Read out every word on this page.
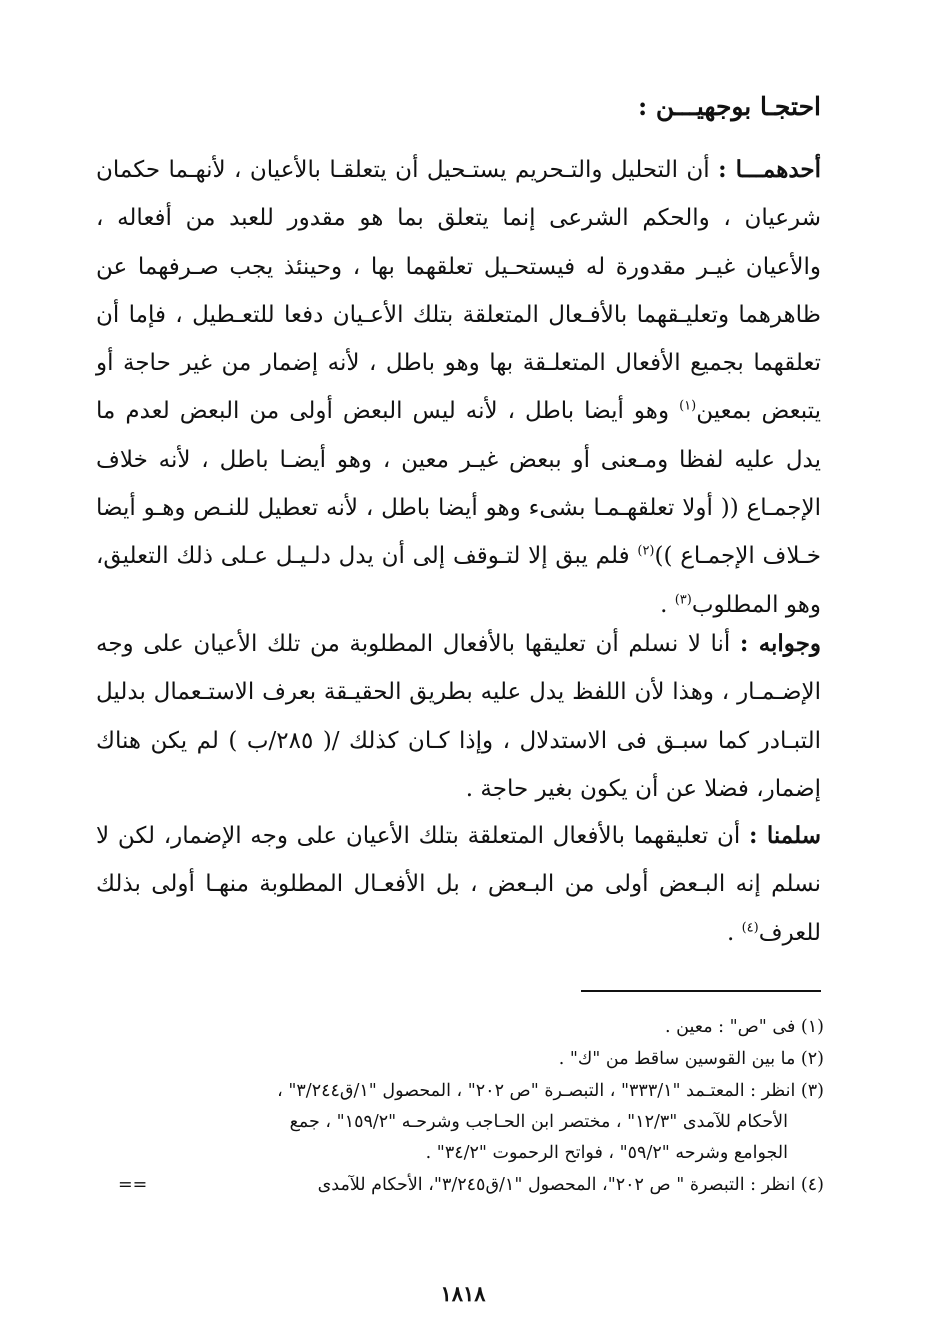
احتجـا بوجهيـــن :

أحدهمـــا : أن التحليل والتـحريم يستـحيل أن يتعلقـا بالأعيان ، لأنهـما حكمان شرعيان ، والحكم الشرعى إنما يتعلق بما هو مقدور للعبد من أفعاله ، والأعيان غيـر مقدورة له فيستحـيل تعلقهما بها ، وحينئذ يجب صـرفهما عن ظاهرهما وتعليـقهما بالأفـعال المتعلقة بتلك الأعـيان دفعا للتعـطيل ، فإما أن تعلقهما بجميع الأفعال المتعلـقة بها وهو باطل ، لأنه إضمار من غير حاجة أو يتبعض بمعين$^{(١)}$ وهو أيضا باطل ، لأنه ليس البعض أولى من البعض لعدم ما يدل عليه لفظا ومـعنى أو ببعض غيـر معين ، وهو أيضـا باطل ، لأنه خلاف الإجمـاع (( أولا تعلقهـمـا بشىء وهو أيضا باطل ، لأنه تعطيل للنـص وهـو أيضا خـلاف الإجمـاع ))$^{(٢)}$ فلم يبق إلا لتـوقف إلى أن يدل دلـيـل عـلى ذلك التعليق، وهو المطلوب$^{(٣)}$ .

وجوابه : أنا لا نسلم أن تعليقها بالأفعال المطلوبة من تلك الأعيان على وجه الإضـمـار ، وهذا لأن اللفظ يدل عليه بطريق الحقيـقة بعرف الاستـعمال بدليل التبـادر كما سبـق فى الاستدلال ، وإذا كـان كذلك /( ٢٨٥/ب ) لم يكن هناك إضمار، فضلا عن أن يكون بغير حاجة .

سلمنا : أن تعليقهما بالأفعال المتعلقة بتلك الأعيان على وجه الإضمار، لكن لا نسلم إنه البـعض أولى من البـعض ، بل الأفعـال المطلوبة منهـا أولى بذلك للعرف$^{(٤)}$ .

(١) فى "ص" : معين .
(٢) ما بين القوسين ساقط من "ك" .
(٣) انظر : المعتـمد "٣٣٣/١" ، التبصـرة "ص ٢٠٢" ، المحصول "١/ق٣/٢٤٤" ،
الأحكام للآمدى "١٢/٣" ، مختصر ابن الحـاجب وشرحـه "١٥٩/٢" ، جمع
الجوامع وشرحه "٥٩/٢" ، فواتح الرحموت "٣٤/٢" .
(٤) انظر : التبصرة " ص ٢٠٢"، المحصول "١/ق٣/٢٤٥"، الأحكام للآمدى
==
١٨١٨
